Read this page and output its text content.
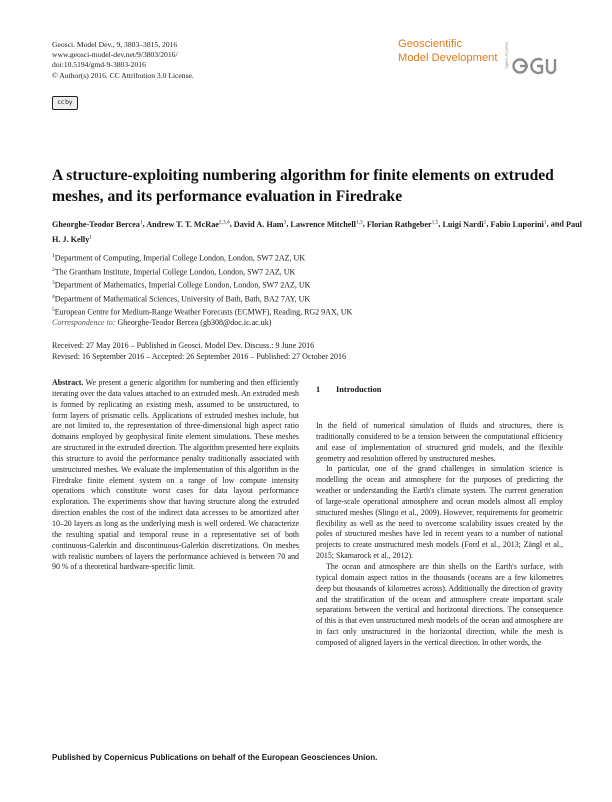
Geosci. Model Dev., 9, 3803–3815, 2016
www.geosci-model-dev.net/9/3803/2016/
doi:10.5194/gmd-9-3803-2016
© Author(s) 2016. CC Attribution 3.0 License.
cc by
Geoscientific
Model Development	Open Access
A structure-exploiting numbering algorithm for finite elements on extruded meshes, and its performance evaluation in Firedrake
Gheorghe-Teodor Bercea$^1$, Andrew T. T. McRae$^{2,3,4}$, David A. Ham$^3$, Lawrence Mitchell$^{1,3}$, Florian Rathgeber$^{1,5}$, Luigi Nardi$^1$, Fabio Luporini$^1$, and Paul H. J. Kelly$^1$
$^1$Department of Computing, Imperial College London, London, SW7 2AZ, UK
$^2$The Grantham Institute, Imperial College London, London, SW7 2AZ, UK
$^3$Department of Mathematics, Imperial College London, London, SW7 2AZ, UK
$^4$Department of Mathematical Sciences, University of Bath, Bath, BA2 7AY, UK
$^5$European Centre for Medium-Range Weather Forecasts (ECMWF), Reading, RG2 9AX, UK
Correspondence to: Gheorghe-Teodor Bercea (gb308@doc.ic.ac.uk)
Received: 27 May 2016 – Published in Geosci. Model Dev. Discuss.: 9 June 2016
Revised: 16 September 2016 – Accepted: 26 September 2016 – Published: 27 October 2016
Abstract. We present a generic algorithm for numbering and then efficiently iterating over the data values attached to an extruded mesh. An extruded mesh is formed by replicating an existing mesh, assumed to be unstructured, to form layers of prismatic cells. Applications of extruded meshes include, but are not limited to, the representation of three-dimensional high aspect ratio domains employed by geophysical finite element simulations. These meshes are structured in the extruded direction. The algorithm presented here exploits this structure to avoid the performance penalty traditionally associated with unstructured meshes. We evaluate the implementation of this algorithm in the Firedrake finite element system on a range of low compute intensity operations which constitute worst cases for data layout performance exploration. The experiments show that having structure along the extruded direction enables the cost of the indirect data accesses to be amortized after 10–20 layers as long as the underlying mesh is well ordered. We characterize the resulting spatial and temporal reuse in a representative set of both continuous-Galerkin and discontinuous-Galerkin discretizations. On meshes with realistic numbers of layers the performance achieved is between 70 and 90 % of a theoretical hardware-specific limit.
1 Introduction

In the field of numerical simulation of fluids and structures, there is traditionally considered to be a tension between the computational efficiency and ease of implementation of structured grid models, and the flexible geometry and resolution offered by unstructured meshes.

In particular, one of the grand challenges in simulation science is modelling the ocean and atmosphere for the purposes of predicting the weather or understanding the Earth's climate system. The current generation of large-scale operational atmosphere and ocean models almost all employ structured meshes (Slingo et al., 2009). However, requirements for geometric flexibility as well as the need to overcome scalability issues created by the poles of structured meshes have led in recent years to a number of national projects to create unstructured mesh models (Ford et al., 2013; Zängl et al., 2015; Skamarock et al., 2012).

The ocean and atmosphere are thin shells on the Earth's surface, with typical domain aspect ratios in the thousands (oceans are a few kilometres deep but thousands of kilometres across). Additionally the direction of gravity and the stratification of the ocean and atmosphere create important scale separations between the vertical and horizontal directions. The consequence of this is that even unstructured mesh models of the ocean and atmosphere are in fact only unstructured in the horizontal direction, while the mesh is composed of aligned layers in the vertical direction. In other words, the

Published by Copernicus Publications on behalf of the European Geosciences Union.
